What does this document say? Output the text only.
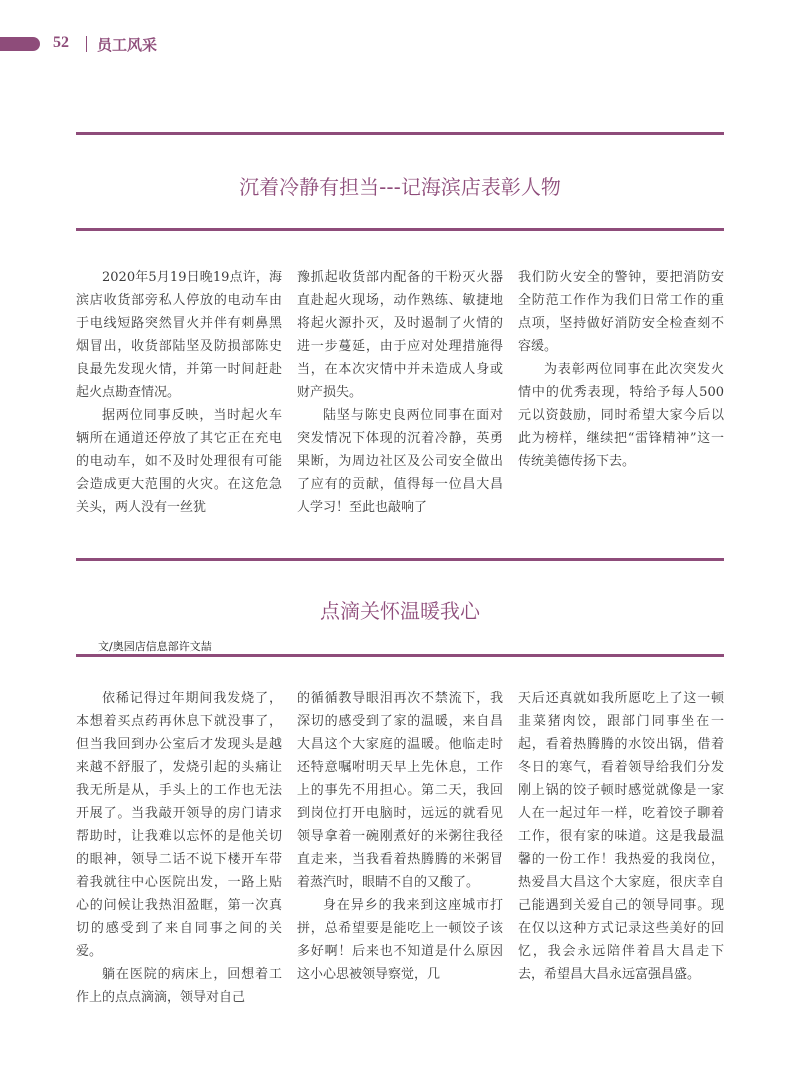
52 员工风采
沉着冷静有担当---记海滨店表彰人物

2020年5月19日晚19点许，海滨店收货部旁私人停放的电动车由于电线短路突然冒火并伴有刺鼻黑烟冒出，收货部陆坚及防损部陈史良最先发现火情，并第一时间赶赴起火点勘查情况。

据两位同事反映，当时起火车辆所在通道还停放了其它正在充电的电动车，如不及时处理很有可能会造成更大范围的火灾。在这危急关头，两人没有一丝犹

豫抓起收货部内配备的干粉灭火器直赴起火现场，动作熟练、敏捷地将起火源扑灭，及时遏制了火情的进一步蔓延，由于应对处理措施得当，在本次灾情中并未造成人身或财产损失。

陆坚与陈史良两位同事在面对突发情况下体现的沉着冷静，英勇果断，为周边社区及公司安全做出了应有的贡献，值得每一位昌大昌人学习！至此也敲响了

我们防火安全的警钟，要把消防安全防范工作作为我们日常工作的重点项，坚持做好消防安全检查刻不容缓。

为表彰两位同事在此次突发火情中的优秀表现，特给予每人500元以资鼓励，同时希望大家今后以此为榜样，继续把“雷锋精神”这一传统美德传扬下去。

点滴关怀温暖我心
文/奥园店信息部许文喆

依稀记得过年期间我发烧了，本想着买点药再休息下就没事了，但当我回到办公室后才发现头是越来越不舒服了，发烧引起的头痛让我无所是从，手头上的工作也无法开展了。当我敲开领导的房门请求帮助时，让我难以忘怀的是他关切的眼神，领导二话不说下楼开车带着我就往中心医院出发，一路上贴心的问候让我热泪盈眶，第一次真切的感受到了来自同事之间的关爱。

躺在医院的病床上，回想着工作上的点点滴滴，领导对自己

的循循教导眼泪再次不禁流下，我深切的感受到了家的温暖，来自昌大昌这个大家庭的温暖。他临走时还特意嘱咐明天早上先休息，工作上的事先不用担心。第二天，我回到岗位打开电脑时，远远的就看见领导拿着一碗刚煮好的米粥往我径直走来，当我看着热腾腾的米粥冒着蒸汽时，眼睛不自的又酸了。

身在异乡的我来到这座城市打拼，总希望要是能吃上一顿饺子该多好啊！后来也不知道是什么原因这小心思被领导察觉，几

天后还真就如我所愿吃上了这一顿韭菜猪肉饺，跟部门同事坐在一起，看着热腾腾的水饺出锅，借着冬日的寒气，看着领导给我们分发刚上锅的饺子顿时感觉就像是一家人在一起过年一样，吃着饺子聊着工作，很有家的味道。这是我最温馨的一份工作！我热爱的我岗位，热爱昌大昌这个大家庭，很庆幸自己能遇到关爱自己的领导同事。现在仅以这种方式记录这些美好的回忆，我会永远陪伴着昌大昌走下去，希望昌大昌永远富强昌盛。
